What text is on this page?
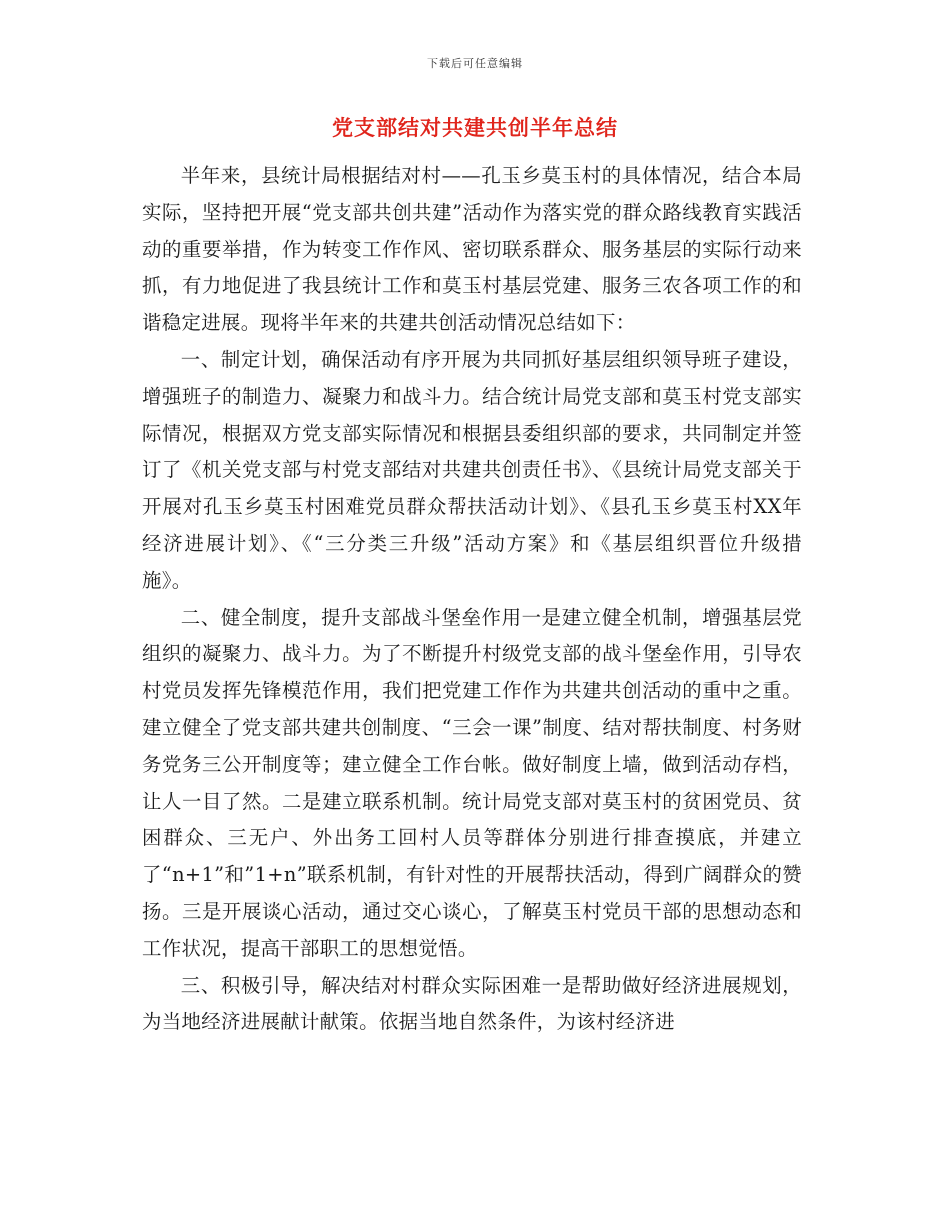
下载后可任意编辑
党支部结对共建共创半年总结

半年来，县统计局根据结对村——孔玉乡莫玉村的具体情况，结合本局实际，坚持把开展“党支部共创共建”活动作为落实党的群众路线教育实践活动的重要举措，作为转变工作作风、密切联系群众、服务基层的实际行动来抓，有力地促进了我县统计工作和莫玉村基层党建、服务三农各项工作的和谐稳定进展。现将半年来的共建共创活动情况总结如下：

一、制定计划，确保活动有序开展为共同抓好基层组织领导班子建设，增强班子的制造力、凝聚力和战斗力。结合统计局党支部和莫玉村党支部实际情况，根据双方党支部实际情况和根据县委组织部的要求，共同制定并签订了《机关党支部与村党支部结对共建共创责任书》、《县统计局党支部关于开展对孔玉乡莫玉村困难党员群众帮扶活动计划》、《县孔玉乡莫玉村XX年经济进展计划》、《“三分类三升级”活动方案》和《基层组织晋位升级措施》。

二、健全制度，提升支部战斗堡垒作用一是建立健全机制，增强基层党组织的凝聚力、战斗力。为了不断提升村级党支部的战斗堡垒作用，引导农村党员发挥先锋模范作用，我们把党建工作作为共建共创活动的重中之重。建立健全了党支部共建共创制度、“三会一课”制度、结对帮扶制度、村务财务党务三公开制度等；建立健全工作台帐。做好制度上墙，做到活动存档，让人一目了然。二是建立联系机制。统计局党支部对莫玉村的贫困党员、贫困群众、三无户、外出务工回村人员等群体分别进行排查摸底，并建立了“n+1”和”1+n”联系机制，有针对性的开展帮扶活动，得到广阔群众的赞扬。三是开展谈心活动，通过交心谈心，了解莫玉村党员干部的思想动态和工作状况，提高干部职工的思想觉悟。

三、积极引导，解决结对村群众实际困难一是帮助做好经济进展规划，为当地经济进展献计献策。依据当地自然条件，为该村经济进
